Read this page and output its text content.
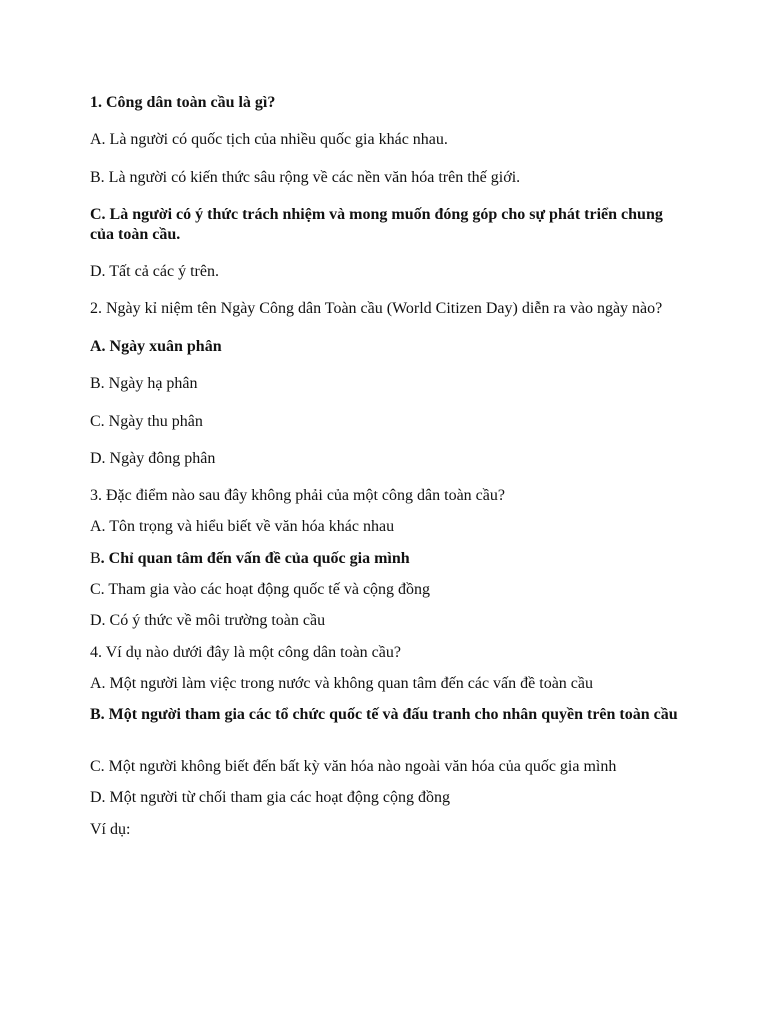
1. Công dân toàn cầu là gì?

A. Là người có quốc tịch của nhiều quốc gia khác nhau.

B. Là người có kiến thức sâu rộng về các nền văn hóa trên thế giới.

C. Là người có ý thức trách nhiệm và mong muốn đóng góp cho sự phát triển chung của toàn cầu.

D. Tất cả các ý trên.

2. Ngày kỉ niệm tên Ngày Công dân Toàn cầu (World Citizen Day) diễn ra vào ngày nào?

A. Ngày xuân phân

B. Ngày hạ phân

C. Ngày thu phân

D. Ngày đông phân

3. Đặc điểm nào sau đây không phải của một công dân toàn cầu?

A. Tôn trọng và hiểu biết về văn hóa khác nhau

B. Chỉ quan tâm đến vấn đề của quốc gia mình

C. Tham gia vào các hoạt động quốc tế và cộng đồng

D. Có ý thức về môi trường toàn cầu

4. Ví dụ nào dưới đây là một công dân toàn cầu?

A. Một người làm việc trong nước và không quan tâm đến các vấn đề toàn cầu

B. Một người tham gia các tổ chức quốc tế và đấu tranh cho nhân quyền trên toàn cầu

C. Một người không biết đến bất kỳ văn hóa nào ngoài văn hóa của quốc gia mình

D. Một người từ chối tham gia các hoạt động cộng đồng

Ví dụ:
